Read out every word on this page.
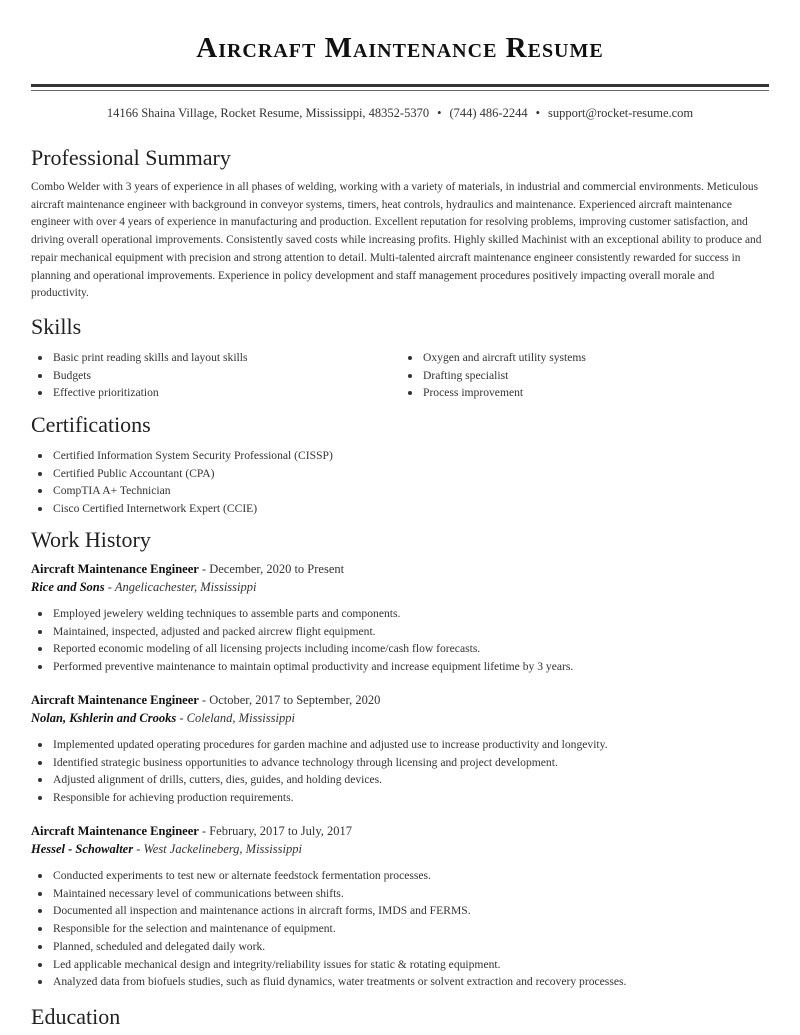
Aircraft Maintenance Resume
14166 Shaina Village, Rocket Resume, Mississippi, 48352-5370 • (744) 486-2244 • support@rocket-resume.com
Professional Summary

Combo Welder with 3 years of experience in all phases of welding, working with a variety of materials, in industrial and commercial environments. Meticulous aircraft maintenance engineer with background in conveyor systems, timers, heat controls, hydraulics and maintenance. Experienced aircraft maintenance engineer with over 4 years of experience in manufacturing and production. Excellent reputation for resolving problems, improving customer satisfaction, and driving overall operational improvements. Consistently saved costs while increasing profits. Highly skilled Machinist with an exceptional ability to produce and repair mechanical equipment with precision and strong attention to detail. Multi-talented aircraft maintenance engineer consistently rewarded for success in planning and operational improvements. Experience in policy development and staff management procedures positively impacting overall morale and productivity.

Skills
Basic print reading skills and layout skills
Budgets
Effective prioritization
Oxygen and aircraft utility systems
Drafting specialist
Process improvement
Certifications
Certified Information System Security Professional (CISSP)
Certified Public Accountant (CPA)
CompTIA A+ Technician
Cisco Certified Internetwork Expert (CCIE)
Work History
Aircraft Maintenance Engineer - December, 2020 to Present
Rice and Sons - Angelicachester, Mississippi
Employed jewelery welding techniques to assemble parts and components.
Maintained, inspected, adjusted and packed aircrew flight equipment.
Reported economic modeling of all licensing projects including income/cash flow forecasts.
Performed preventive maintenance to maintain optimal productivity and increase equipment lifetime by 3 years.
Aircraft Maintenance Engineer - October, 2017 to September, 2020
Nolan, Kshlerin and Crooks - Coleland, Mississippi
Implemented updated operating procedures for garden machine and adjusted use to increase productivity and longevity.
Identified strategic business opportunities to advance technology through licensing and project development.
Adjusted alignment of drills, cutters, dies, guides, and holding devices.
Responsible for achieving production requirements.
Aircraft Maintenance Engineer - February, 2017 to July, 2017
Hessel - Schowalter - West Jackelineberg, Mississippi
Conducted experiments to test new or alternate feedstock fermentation processes.
Maintained necessary level of communications between shifts.
Documented all inspection and maintenance actions in aircraft forms, IMDS and FERMS.
Responsible for the selection and maintenance of equipment.
Planned, scheduled and delegated daily work.
Led applicable mechanical design and integrity/reliability issues for static & rotating equipment.
Analyzed data from biofuels studies, such as fluid dynamics, water treatments or solvent extraction and recovery processes.
Education
